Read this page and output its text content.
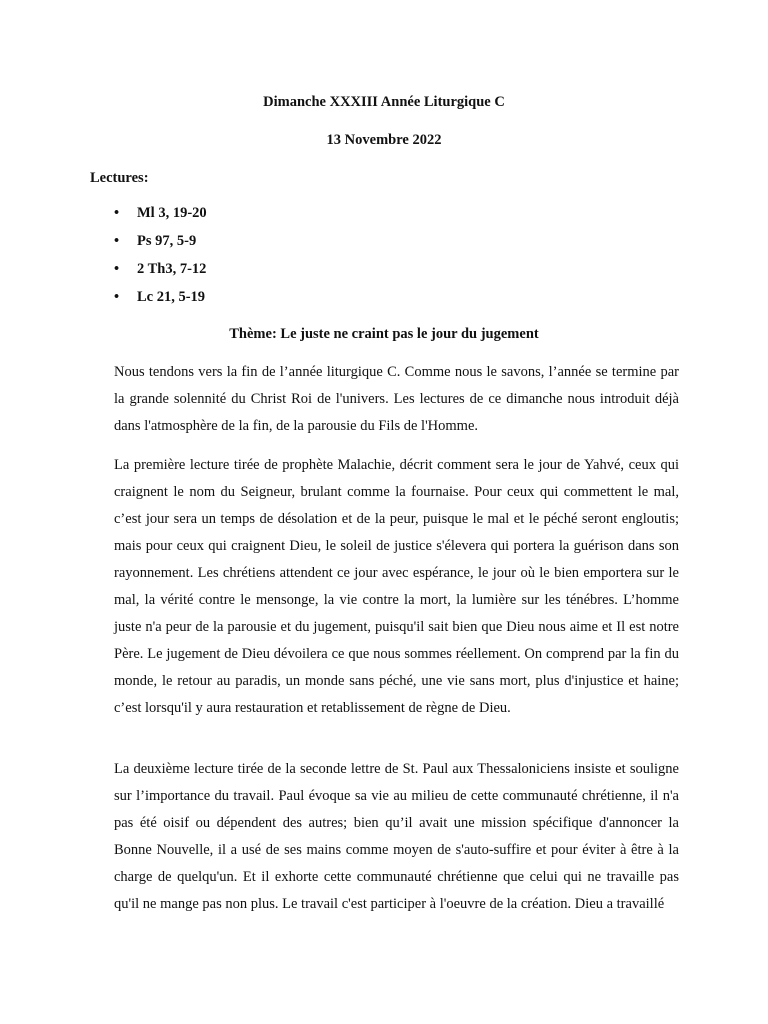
Dimanche XXXIII Année Liturgique C
13 Novembre 2022
Lectures:
• Ml 3, 19-20
• Ps 97, 5-9
• 2 Th3, 7-12
• Lc 21, 5-19
Thème: Le juste ne craint pas le jour du jugement

Nous tendons vers la fin de l’année liturgique C. Comme nous le savons, l’année se termine par la grande solennité du Christ Roi de l'univers. Les lectures de ce dimanche nous introduit déjà dans l'atmosphère de la fin, de la parousie du Fils de l'Homme.

La première lecture tirée de prophète Malachie, décrit comment sera le jour de Yahvé, ceux qui craignent le nom du Seigneur, brulant comme la fournaise. Pour ceux qui commettent le mal, c’est jour sera un temps de désolation et de la peur, puisque le mal et le péché seront engloutis; mais pour ceux qui craignent Dieu, le soleil de justice s'élevera qui portera la guérison dans son rayonnement. Les chrétiens attendent ce jour avec espérance, le jour où le bien emportera sur le mal, la vérité contre le mensonge, la vie contre la mort, la lumière sur les ténébres. L’homme juste n'a peur de la parousie et du jugement, puisqu'il sait bien que Dieu nous aime et Il est notre Père. Le jugement de Dieu dévoilera ce que nous sommes réellement. On comprend par la fin du monde, le retour au paradis, un monde sans péché, une vie sans mort, plus d'injustice et haine; c’est lorsqu'il y aura restauration et retablissement de règne de Dieu.

La deuxième lecture tirée de la seconde lettre de St. Paul aux Thessaloniciens insiste et souligne sur l’importance du travail. Paul évoque sa vie au milieu de cette communauté chrétienne, il n'a pas été oisif ou dépendent des autres; bien qu’il avait une mission spécifique d'annoncer la Bonne Nouvelle, il a usé de ses mains comme moyen de s'auto-suffire et pour éviter à être à la charge de quelqu'un. Et il exhorte cette communauté chrétienne que celui qui ne travaille pas qu'il ne mange pas non plus. Le travail c'est participer à l'oeuvre de la création. Dieu a travaillé
